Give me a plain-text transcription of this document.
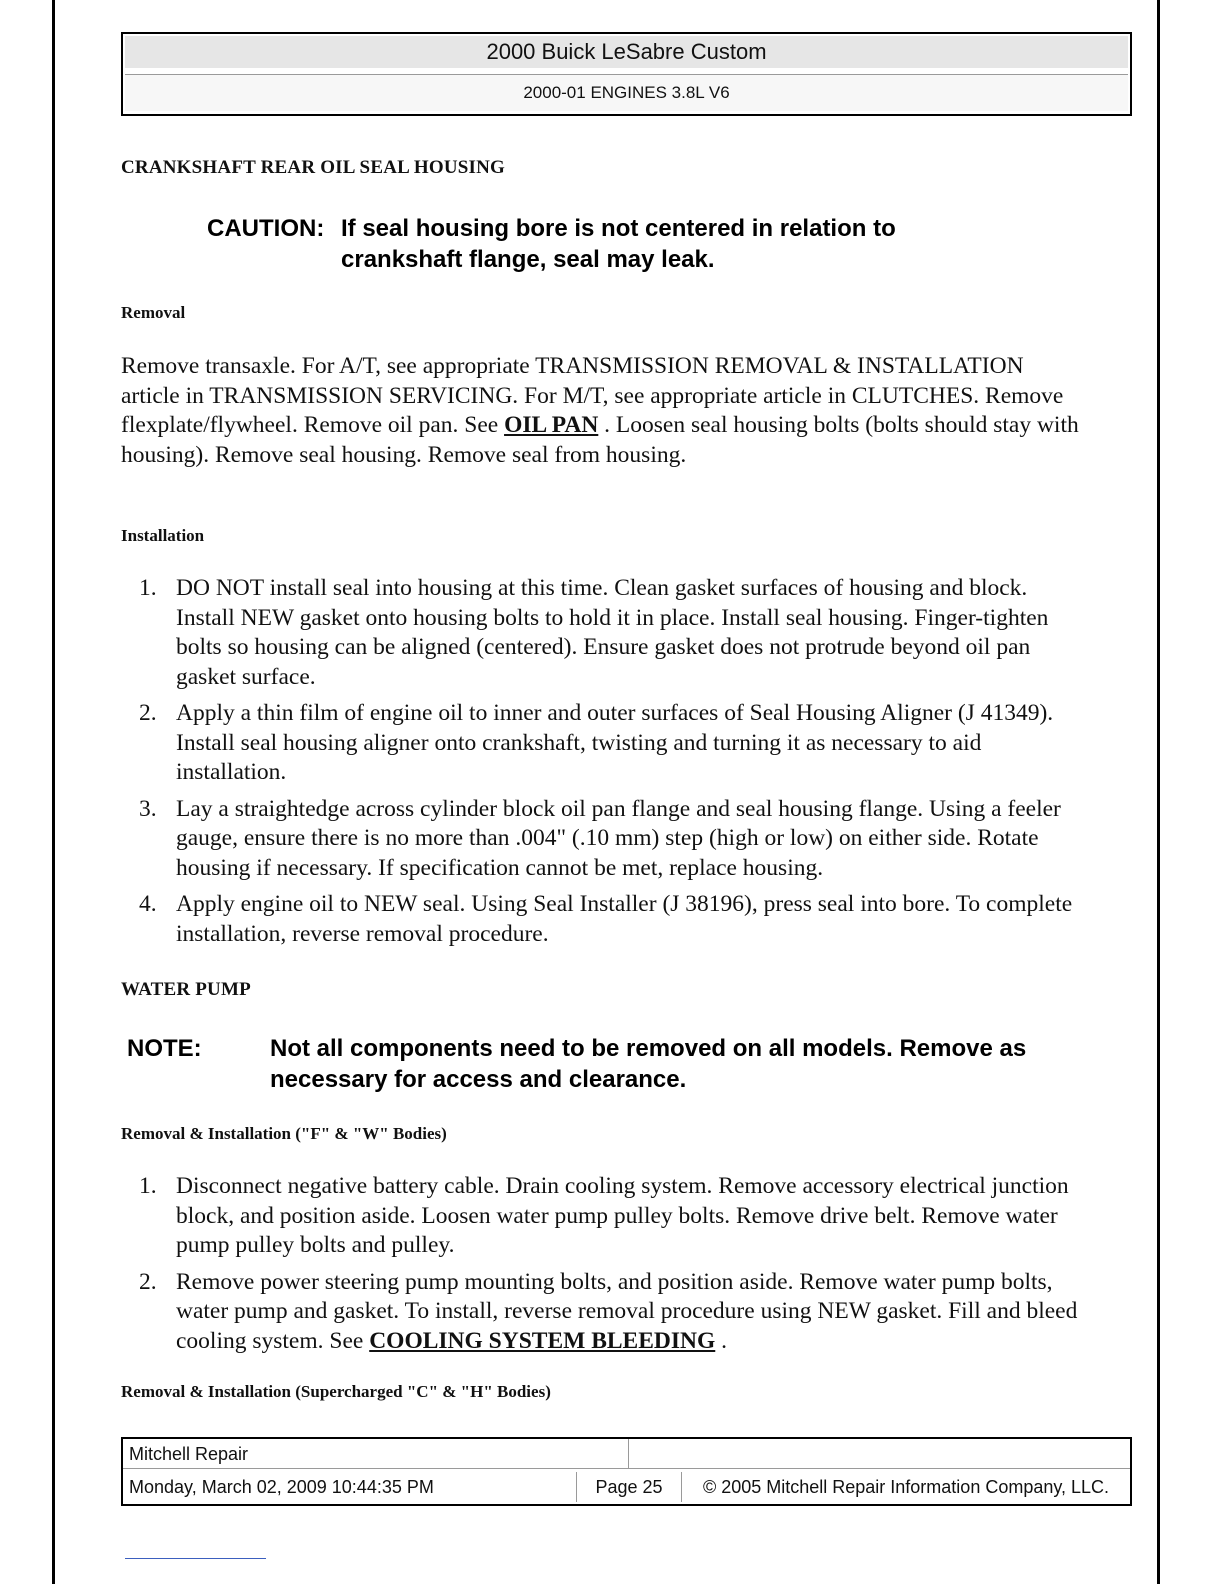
2000 Buick LeSabre Custom
2000-01 ENGINES 3.8L V6
CRANKSHAFT REAR OIL SEAL HOUSING
CAUTION: If seal housing bore is not centered in relation to crankshaft flange, seal may leak.
Removal
Remove transaxle. For A/T, see appropriate TRANSMISSION REMOVAL & INSTALLATION article in TRANSMISSION SERVICING. For M/T, see appropriate article in CLUTCHES. Remove flexplate/flywheel. Remove oil pan. See OIL PAN . Loosen seal housing bolts (bolts should stay with housing). Remove seal housing. Remove seal from housing.
Installation
1. DO NOT install seal into housing at this time. Clean gasket surfaces of housing and block. Install NEW gasket onto housing bolts to hold it in place. Install seal housing. Finger-tighten bolts so housing can be aligned (centered). Ensure gasket does not protrude beyond oil pan gasket surface.
2. Apply a thin film of engine oil to inner and outer surfaces of Seal Housing Aligner (J 41349). Install seal housing aligner onto crankshaft, twisting and turning it as necessary to aid installation.
3. Lay a straightedge across cylinder block oil pan flange and seal housing flange. Using a feeler gauge, ensure there is no more than .004" (.10 mm) step (high or low) on either side. Rotate housing if necessary. If specification cannot be met, replace housing.
4. Apply engine oil to NEW seal. Using Seal Installer (J 38196), press seal into bore. To complete installation, reverse removal procedure.
WATER PUMP
NOTE:	Not all components need to be removed on all models. Remove as necessary for access and clearance.
Removal & Installation ("F" & "W" Bodies)
1. Disconnect negative battery cable. Drain cooling system. Remove accessory electrical junction block, and position aside. Loosen water pump pulley bolts. Remove drive belt. Remove water pump pulley bolts and pulley.
2. Remove power steering pump mounting bolts, and position aside. Remove water pump bolts, water pump and gasket. To install, reverse removal procedure using NEW gasket. Fill and bleed cooling system. See COOLING SYSTEM BLEEDING .
Removal & Installation (Supercharged "C" & "H" Bodies)
Mitchell Repair
Monday, March 02, 2009 10:44:35 PM	Page 25	© 2005 Mitchell Repair Information Company, LLC.
